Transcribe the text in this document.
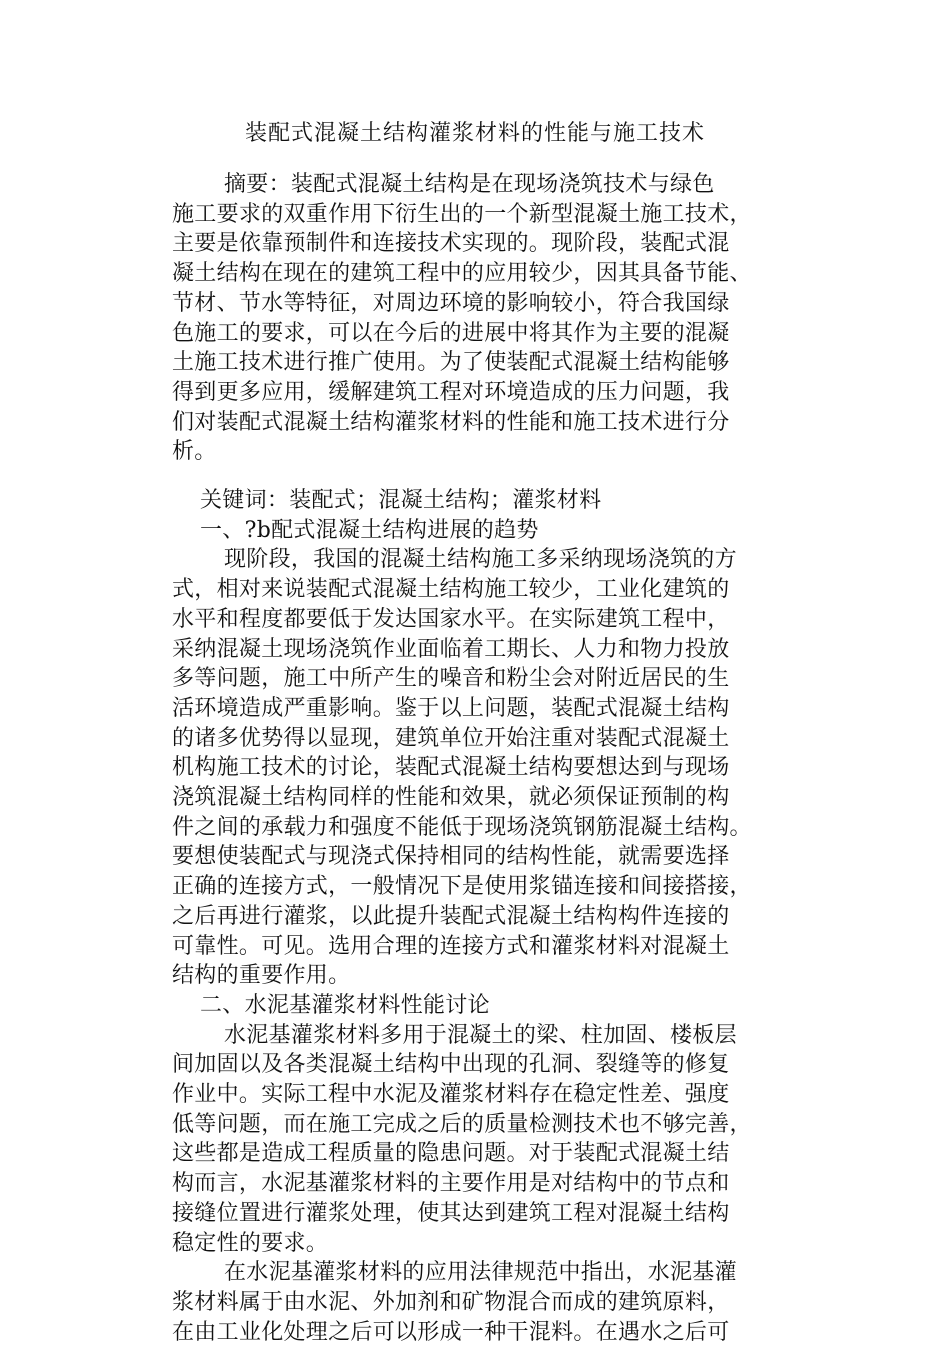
装配式混凝土结构灌浆材料的性能与施工技术
摘要：装配式混凝土结构是在现场浇筑技术与绿色
施工要求的双重作用下衍生出的一个新型混凝土施工技术，
主要是依靠预制件和连接技术实现的。现阶段，装配式混
凝土结构在现在的建筑工程中的应用较少，因其具备节能、
节材、节水等特征，对周边环境的影响较小，符合我国绿
色施工的要求，可以在今后的进展中将其作为主要的混凝
土施工技术进行推广使用。为了使装配式混凝土结构能够
得到更多应用，缓解建筑工程对环境造成的压力问题，我
们对装配式混凝土结构灌浆材料的性能和施工技术进行分
析。
关键词：装配式；混凝土结构；灌浆材料
一、?b配式混凝土结构进展的趋势
现阶段，我国的混凝土结构施工多采纳现场浇筑的方
式，相对来说装配式混凝土结构施工较少，工业化建筑的
水平和程度都要低于发达国家水平。在实际建筑工程中，
采纳混凝土现场浇筑作业面临着工期长、人力和物力投放
多等问题，施工中所产生的噪音和粉尘会对附近居民的生
活环境造成严重影响。鉴于以上问题，装配式混凝土结构
的诸多优势得以显现，建筑单位开始注重对装配式混凝土
机构施工技术的讨论，装配式混凝土结构要想达到与现场
浇筑混凝土结构同样的性能和效果，就必须保证预制的构
件之间的承载力和强度不能低于现场浇筑钢筋混凝土结构。
要想使装配式与现浇式保持相同的结构性能，就需要选择
正确的连接方式，一般情况下是使用浆锚连接和间接搭接，
之后再进行灌浆，以此提升装配式混凝土结构构件连接的
可靠性。可见。选用合理的连接方式和灌浆材料对混凝土
结构的重要作用。
二、水泥基灌浆材料性能讨论
水泥基灌浆材料多用于混凝土的梁、柱加固、楼板层
间加固以及各类混凝土结构中出现的孔洞、裂缝等的修复
作业中。实际工程中水泥及灌浆材料存在稳定性差、强度
低等问题，而在施工完成之后的质量检测技术也不够完善，
这些都是造成工程质量的隐患问题。对于装配式混凝土结
构而言，水泥基灌浆材料的主要作用是对结构中的节点和
接缝位置进行灌浆处理，使其达到建筑工程对混凝土结构
稳定性的要求。
在水泥基灌浆材料的应用法律规范中指出，水泥基灌
浆材料属于由水泥、外加剂和矿物混合而成的建筑原料，
在由工业化处理之后可以形成一种干混料。在遇水之后可
